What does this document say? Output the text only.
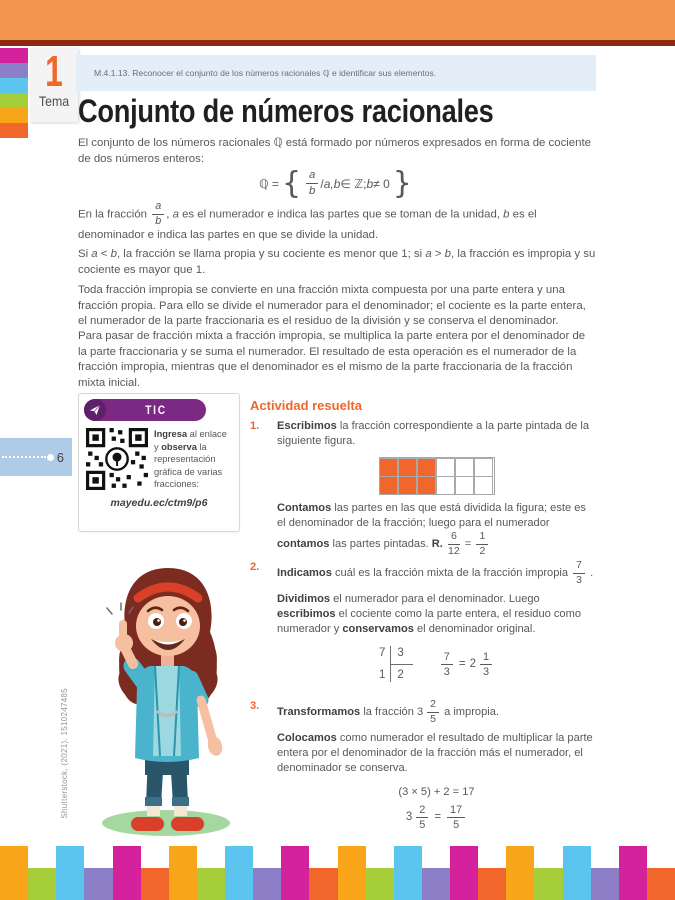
1
Tema
M.4.1.13. Reconocer el conjunto de los números racionales ℚ e identificar sus elementos.
Conjunto de números racionales
El conjunto de los números racionales ℚ está formado por números expresados en forma de cociente de dos números enteros:
ℚ = { $\frac{a}{b} / a,b$ ∈ ℤ; b ≠ 0 }
En la fracción $\frac{a}{b}$ , a es el numerador e indica las partes que se toman de la unidad, b es el denominador e indica las partes en que se divide la unidad.
Si a < b, la fracción se llama propia y su cociente es menor que 1; si a > b, la fracción es impropia y su cociente es mayor que 1.
Toda fracción impropia se convierte en una fracción mixta compuesta por una parte entera y una fracción propia. Para ello se divide el numerador para el denominador; el cociente es la parte entera, el numerador de la parte fraccionaria es el residuo de la división y se conserva el denominador.
Para pasar de fracción mixta a fracción impropia, se multiplica la parte entera por el denominador de la parte fraccionaria y se suma el numerador. El resultado de esta operación es el numerador de la fracción impropia, mientras que el denominador es el mismo de la parte fraccionaria de la fracción mixta inicial.
TIC
Ingresa al enlace y observa la representación gráfica de varias fracciones:
mayedu.ec/ctm9/p6
6
Shutterstock, (2021). 1510247485
Actividad resuelta
1.	Escribimos la fracción correspondiente a la parte pintada de la siguiente figura.
Contamos las partes en las que está dividida la figura; este es el denominador de la fracción; luego para el numerador contamos las partes pintadas. R. $\frac{6}{12} = \frac{1}{2}$
2.
Indicamos cuál es la fracción mixta de la fracción impropia $\frac{7}{3}$ .
Dividimos el numerador para el denominador. Luego escribimos el cociente como la parte entera, el residuo como numerador y conservamos el denominador original.
7	3
1	2	$\frac{7}{3} = 2 \frac{1}{3}$
3.
Transformamos la fracción $3 \frac{2}{5}$ a impropia.
Colocamos como numerador el resultado de multiplicar la parte entera por el denominador de la fracción más el numerador, el denominador se conserva.
(3 × 5) + 2 = 17
$3 \frac{2}{5} = \frac{17}{5}$
